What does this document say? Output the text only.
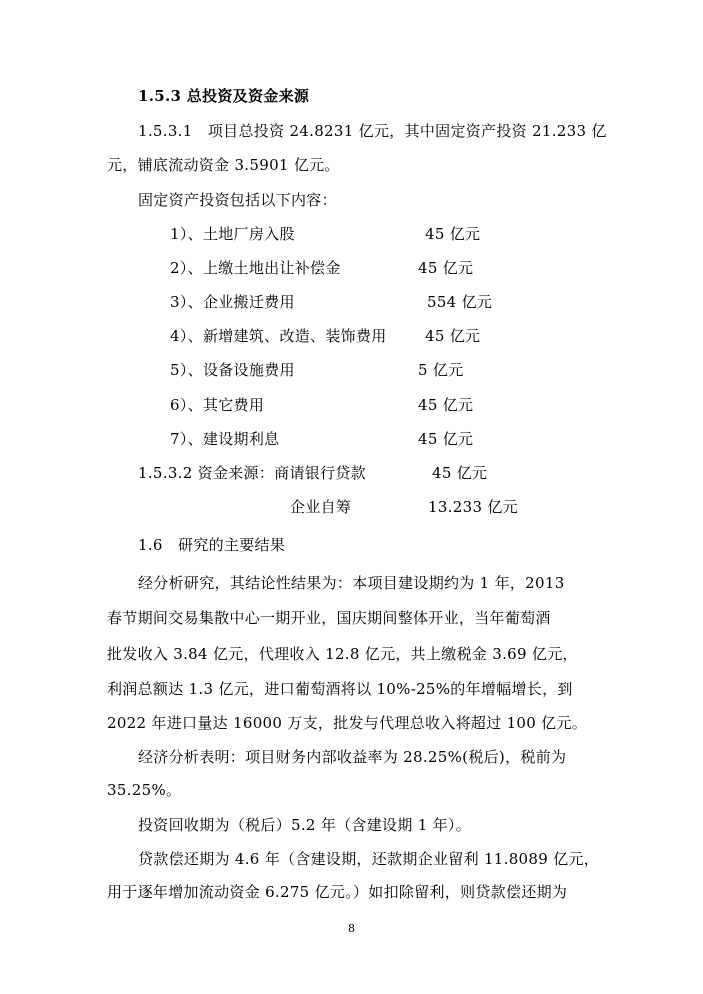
1.5.3 总投资及资金来源
1.5.3.1　项目总投资 24.8231 亿元，其中固定资产投资 21.233 亿
元，铺底流动资金 3.5901 亿元。
固定资产投资包括以下内容：
1）、土地厂房入股	45 亿元
2）、上缴土地出让补偿金	45 亿元
3）、企业搬迁费用	554 亿元
4）、新增建筑、改造、装饰费用	45 亿元
5）、设备设施费用	5 亿元
6）、其它费用	45 亿元
7）、建设期利息	45 亿元
1.5.3.2 资金来源：商请银行贷款	45 亿元
企业自筹	13.233 亿元
1.6　研究的主要结果
经分析研究，其结论性结果为：本项目建设期约为 1 年，2013
春节期间交易集散中心一期开业，国庆期间整体开业，当年葡萄酒
批发收入 3.84 亿元，代理收入 12.8 亿元，共上缴税金 3.69 亿元，
利润总额达 1.3 亿元，进口葡萄酒将以 10%-25%的年增幅增长，到
2022 年进口量达 16000 万支，批发与代理总收入将超过 100 亿元。
经济分析表明：项目财务内部收益率为 28.25%(税后)，税前为
35.25%。
投资回收期为（税后）5.2 年（含建设期 1 年）。
贷款偿还期为 4.6 年（含建设期，还款期企业留利 11.8089 亿元，
用于逐年增加流动资金 6.275 亿元。）如扣除留利，则贷款偿还期为
8
